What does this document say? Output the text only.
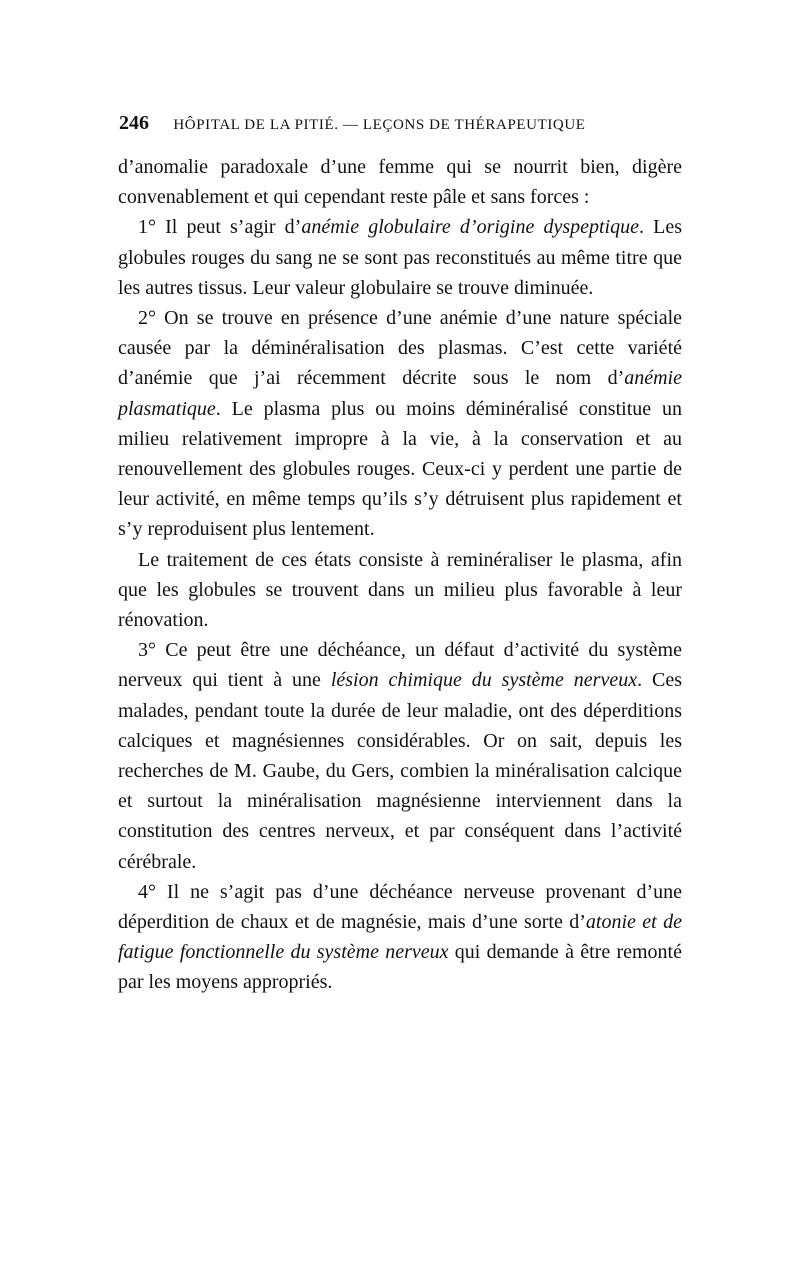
246 HÔPITAL DE LA PITIÉ. — LEÇONS DE THÉRAPEUTIQUE

d’anomalie paradoxale d’une femme qui se nourrit bien, digère convenablement et qui cependant reste pâle et sans forces :

1° Il peut s’agir d’anémie globulaire d’origine dyspeptique. Les globules rouges du sang ne se sont pas reconstitués au même titre que les autres tissus. Leur valeur globulaire se trouve diminuée.

2° On se trouve en présence d’une anémie d’une nature spéciale causée par la déminéralisation des plasmas. C’est cette variété d’anémie que j’ai récemment décrite sous le nom d’anémie plasmatique. Le plasma plus ou moins déminéralisé constitue un milieu relativement impropre à la vie, à la conservation et au renouvellement des globules rouges. Ceux-ci y perdent une partie de leur activité, en même temps qu’ils s’y détruisent plus rapidement et s’y reproduisent plus lentement.

Le traitement de ces états consiste à reminéraliser le plasma, afin que les globules se trouvent dans un milieu plus favorable à leur rénovation.

3° Ce peut être une déchéance, un défaut d’activité du système nerveux qui tient à une lésion chimique du système nerveux. Ces malades, pendant toute la durée de leur maladie, ont des déperditions calciques et magnésiennes considérables. Or on sait, depuis les recherches de M. Gaube, du Gers, combien la minéralisation calcique et surtout la minéralisation magnésienne interviennent dans la constitution des centres nerveux, et par conséquent dans l’activité cérébrale.

4° Il ne s’agit pas d’une déchéance nerveuse provenant d’une déperdition de chaux et de magnésie, mais d’une sorte d’atonie et de fatigue fonctionnelle du système nerveux qui demande à être remonté par les moyens appropriés.
